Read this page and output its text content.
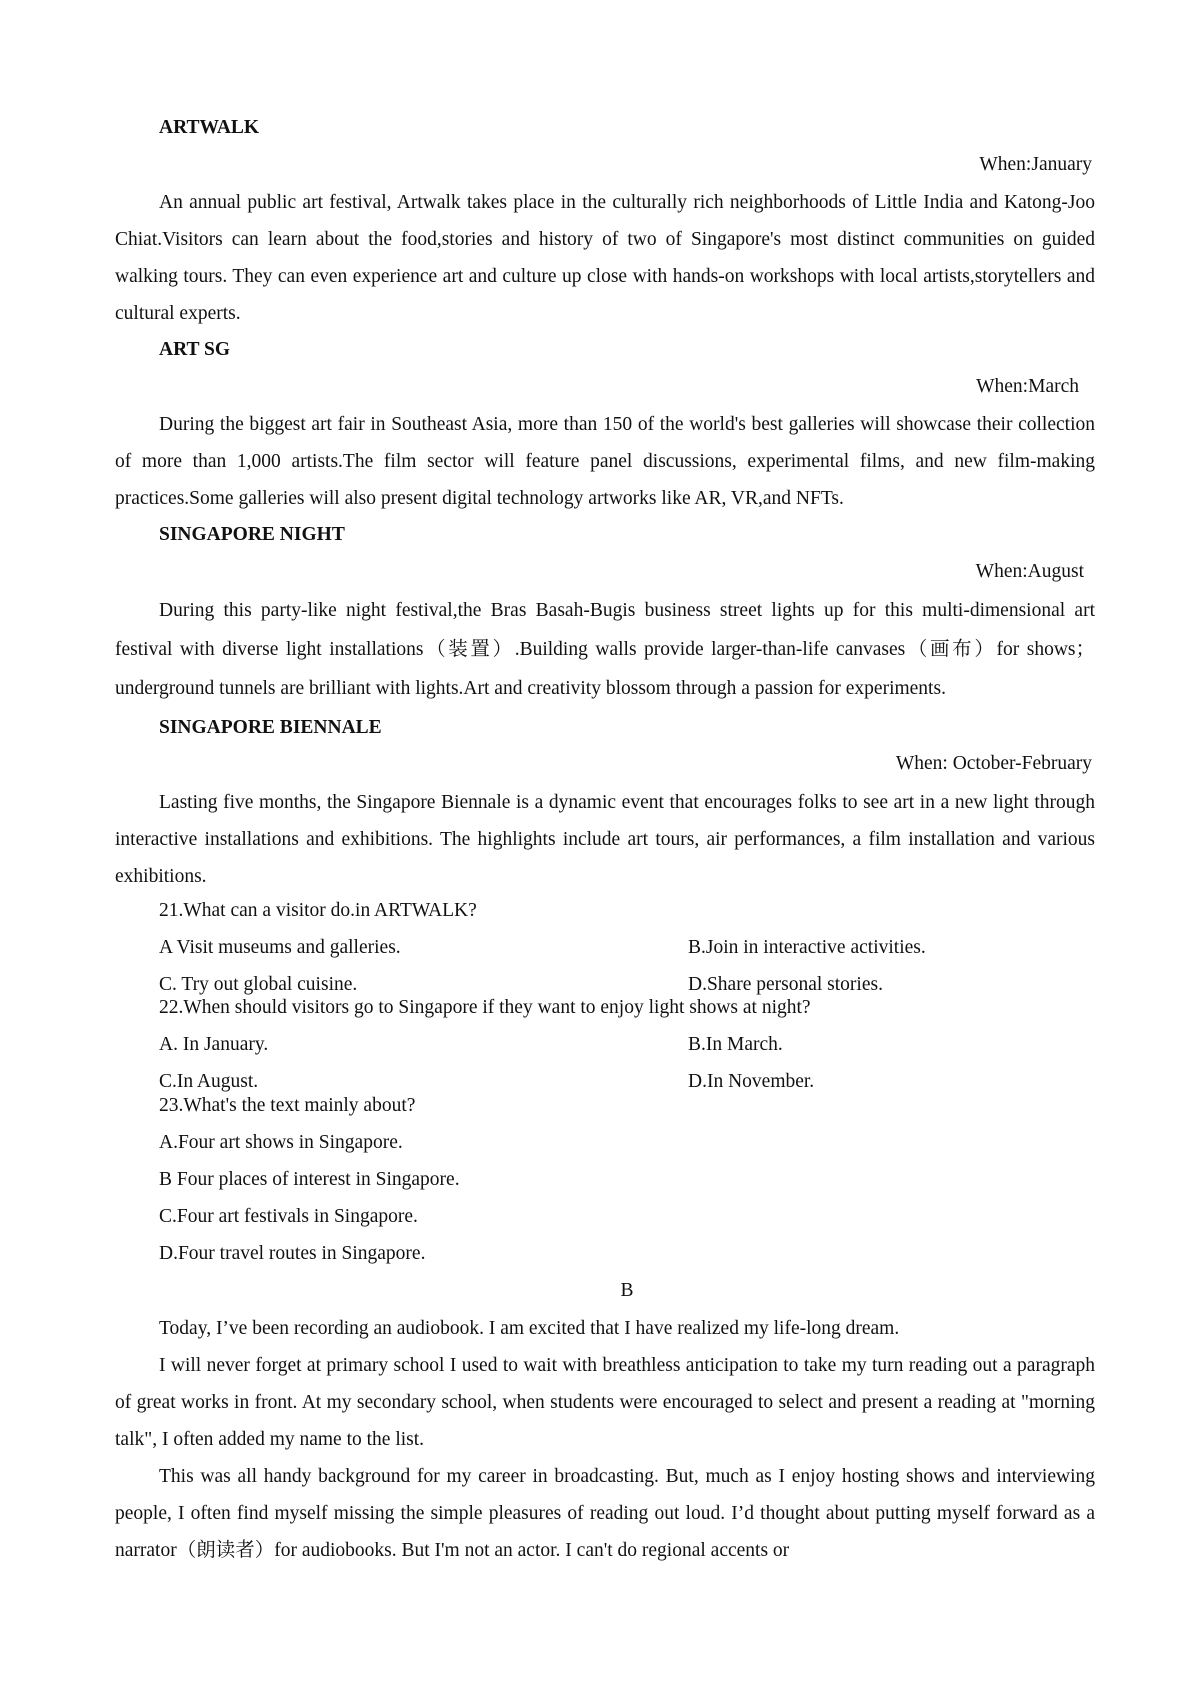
ARTWALK
When:January
An annual public art festival, Artwalk takes place in the culturally rich neighborhoods of Little India and Katong-Joo Chiat.Visitors can learn about the food,stories and history of two of Singapore's most distinct communities on guided walking tours. They can even experience art and culture up close with hands-on workshops with local artists,storytellers and cultural experts.
ART SG
When:March
During the biggest art fair in Southeast Asia, more than 150 of the world's best galleries will showcase their collection of more than 1,000 artists.The film sector will feature panel discussions, experimental films, and new film-making practices.Some galleries will also present digital technology artworks like AR, VR,and NFTs.
SINGAPORE NIGHT
When:August
During this party-like night festival,the Bras Basah-Bugis business street lights up for this multi-dimensional art festival with diverse light installations（装置）.Building walls provide larger-than-life canvases（画布）for shows；underground tunnels are brilliant with lights.Art and creativity blossom through a passion for experiments.
SINGAPORE BIENNALE
When: October-February
Lasting five months, the Singapore Biennale is a dynamic event that encourages folks to see art in a new light through interactive installations and exhibitions. The highlights include art tours, air performances, a film installation and various exhibitions.
21.What can a visitor do.in ARTWALK?
A Visit museums and galleries.	B.Join in interactive activities.
C. Try out global cuisine.	D.Share personal stories.
22.When should visitors go to Singapore if they want to enjoy light shows at night?
A. In January.	B.In March.
C.In August.	D.In November.
23.What's the text mainly about?
A.Four art shows in Singapore.
B Four places of interest in Singapore.
C.Four art festivals in Singapore.
D.Four travel routes in Singapore.
B
Today, I’ve been recording an audiobook. I am excited that I have realized my life-long dream.
I will never forget at primary school I used to wait with breathless anticipation to take my turn reading out a paragraph of great works in front. At my secondary school, when students were encouraged to select and present a reading at "morning talk", I often added my name to the list.
This was all handy background for my career in broadcasting. But, much as I enjoy hosting shows and interviewing people, I often find myself missing the simple pleasures of reading out loud. I’d thought about putting myself forward as a narrator（朗读者）for audiobooks. But I'm not an actor. I can't do regional accents or
